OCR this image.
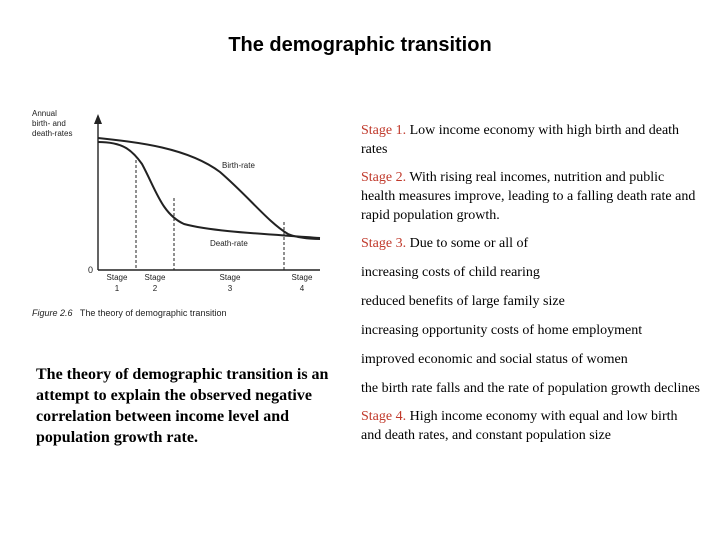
The demographic transition
Annual
birth- and
death-rates
0
Birth-rate
Death-rate
Stage
1
Stage
2
Stage
3
Stage
4
Figure 2.6 The theory of demographic transition
The theory of demographic transition is an attempt to explain the observed negative correlation between income level and population growth rate.

Stage 1. Low income economy with high birth and death rates

Stage 2. With rising real incomes, nutrition and public health measures improve, leading to a falling death rate and rapid population growth.

Stage 3. Due to some or all of

increasing costs of child rearing

reduced benefits of large family size

increasing opportunity costs of home employment

improved economic and social status of women

the birth rate falls and the rate of population growth declines

Stage 4. High income economy with equal and low birth and death rates, and constant population size
